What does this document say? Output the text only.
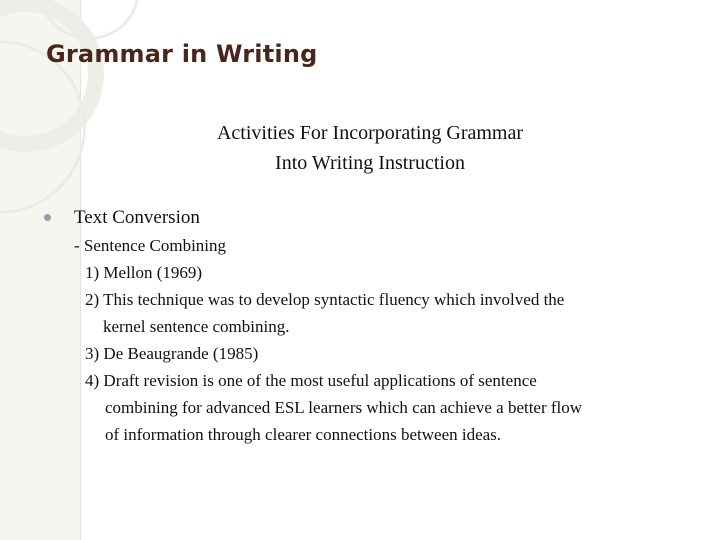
Grammar in Writing
Activities For Incorporating Grammar
Into Writing Instruction
Text Conversion
- Sentence Combining
1) Mellon (1969)
2) This technique was to develop syntactic fluency which involved the
kernel sentence combining.
3) De Beaugrande (1985)
4) Draft revision is one of the most useful applications of sentence
combining for advanced ESL learners which can achieve a better flow
of information through clearer connections between ideas.
